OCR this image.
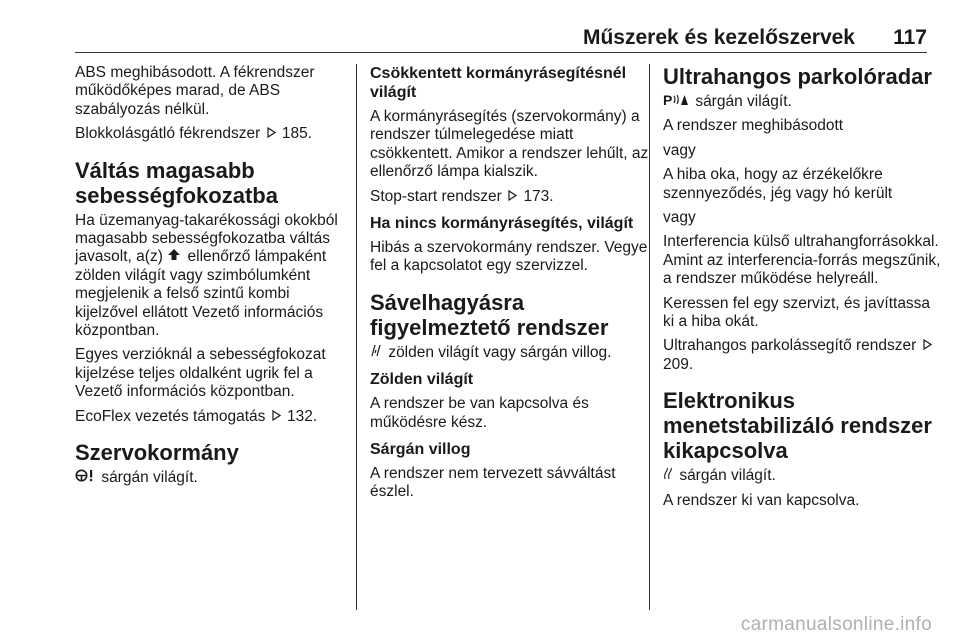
Műszerek és kezelőszervek 117

ABS meghibásodott. A fékrendszer működőképes marad, de ABS szabályozás nélkül.

Blokkolásgátló fékrendszer 185.

Váltás magasabb sebességfokozatba

Ha üzemanyag-takarékossági okokból magasabb sebességfokozatba váltás javasolt, a(z) ellenőrző lámpaként zölden világít vagy szimbólumként megjelenik a felső szintű kombi kijelzővel ellátott Vezető információs központban.

Egyes verzióknál a sebességfokozat kijelzése teljes oldalként ugrik fel a Vezető információs központban.

EcoFlex vezetés támogatás 132.

Szervokormány

sárgán világít.

Csökkentett kormányrásegítésnél világít

A kormányrásegítés (szervokormány) a rendszer túlmelegedése miatt csökkentett. Amikor a rendszer lehűlt, az ellenőrző lámpa kialszik.

Stop-start rendszer 173.

Ha nincs kormányrásegítés, világít

Hibás a szervokormány rendszer. Vegye fel a kapcsolatot egy szervizzel.

Sávelhagyásra figyelmeztető rendszer

zölden világít vagy sárgán villog.

Zölden világít

A rendszer be van kapcsolva és működésre kész.

Sárgán villog

A rendszer nem tervezett sávváltást észlel.

Ultrahangos parkolóradar

P sárgán világít.

A rendszer meghibásodott

vagy

A hiba oka, hogy az érzékelőkre szennyeződés, jég vagy hó került

vagy

Interferencia külső ultrahangforrásokkal. Amint az interferencia-forrás megszűnik, a rendszer működése helyreáll.

Keressen fel egy szervizt, és javíttassa ki a hiba okát.

Ultrahangos parkolássegítő rendszer  209.

Elektronikus menetstabilizáló rendszer kikapcsolva

sárgán világít.

A rendszer ki van kapcsolva.

carmanualsonline.info
